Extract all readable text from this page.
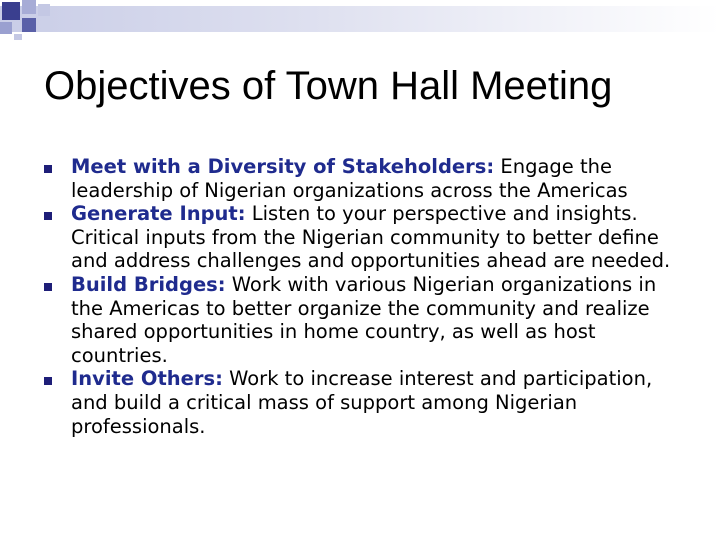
Objectives of Town Hall Meeting
Meet with a Diversity of Stakeholders: Engage the leadership of Nigerian organizations across the Americas
Generate Input: Listen to your perspective and insights. Critical inputs from the Nigerian community to better define and address challenges and opportunities ahead are needed.
Build Bridges: Work with various Nigerian organizations in the Americas to better organize the community and realize shared opportunities in home country, as well as host countries.
Invite Others: Work to increase interest and participation, and build a critical mass of support among Nigerian professionals.
